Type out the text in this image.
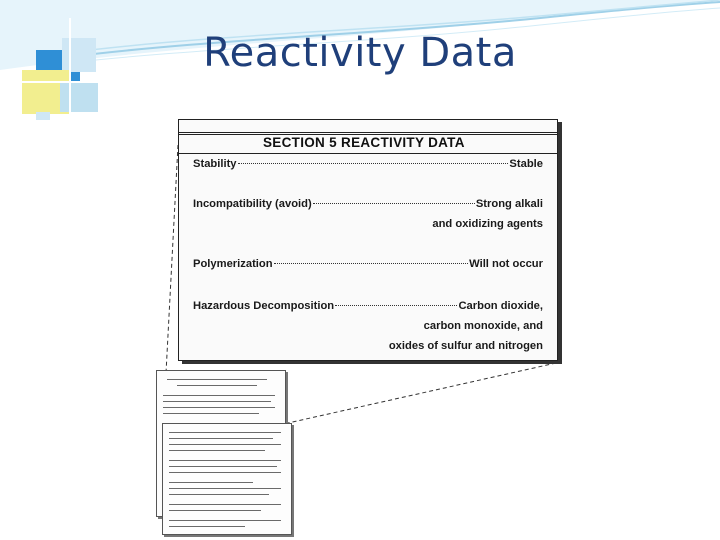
Reactivity Data
SECTION 5 REACTIVITY DATA
Stability	Stable
Incompatibility (avoid)	Strong alkali
and oxidizing agents
Polymerization	Will not occur
Hazardous Decomposition	Carbon dioxide,
carbon monoxide, and
oxides of sulfur and nitrogen
